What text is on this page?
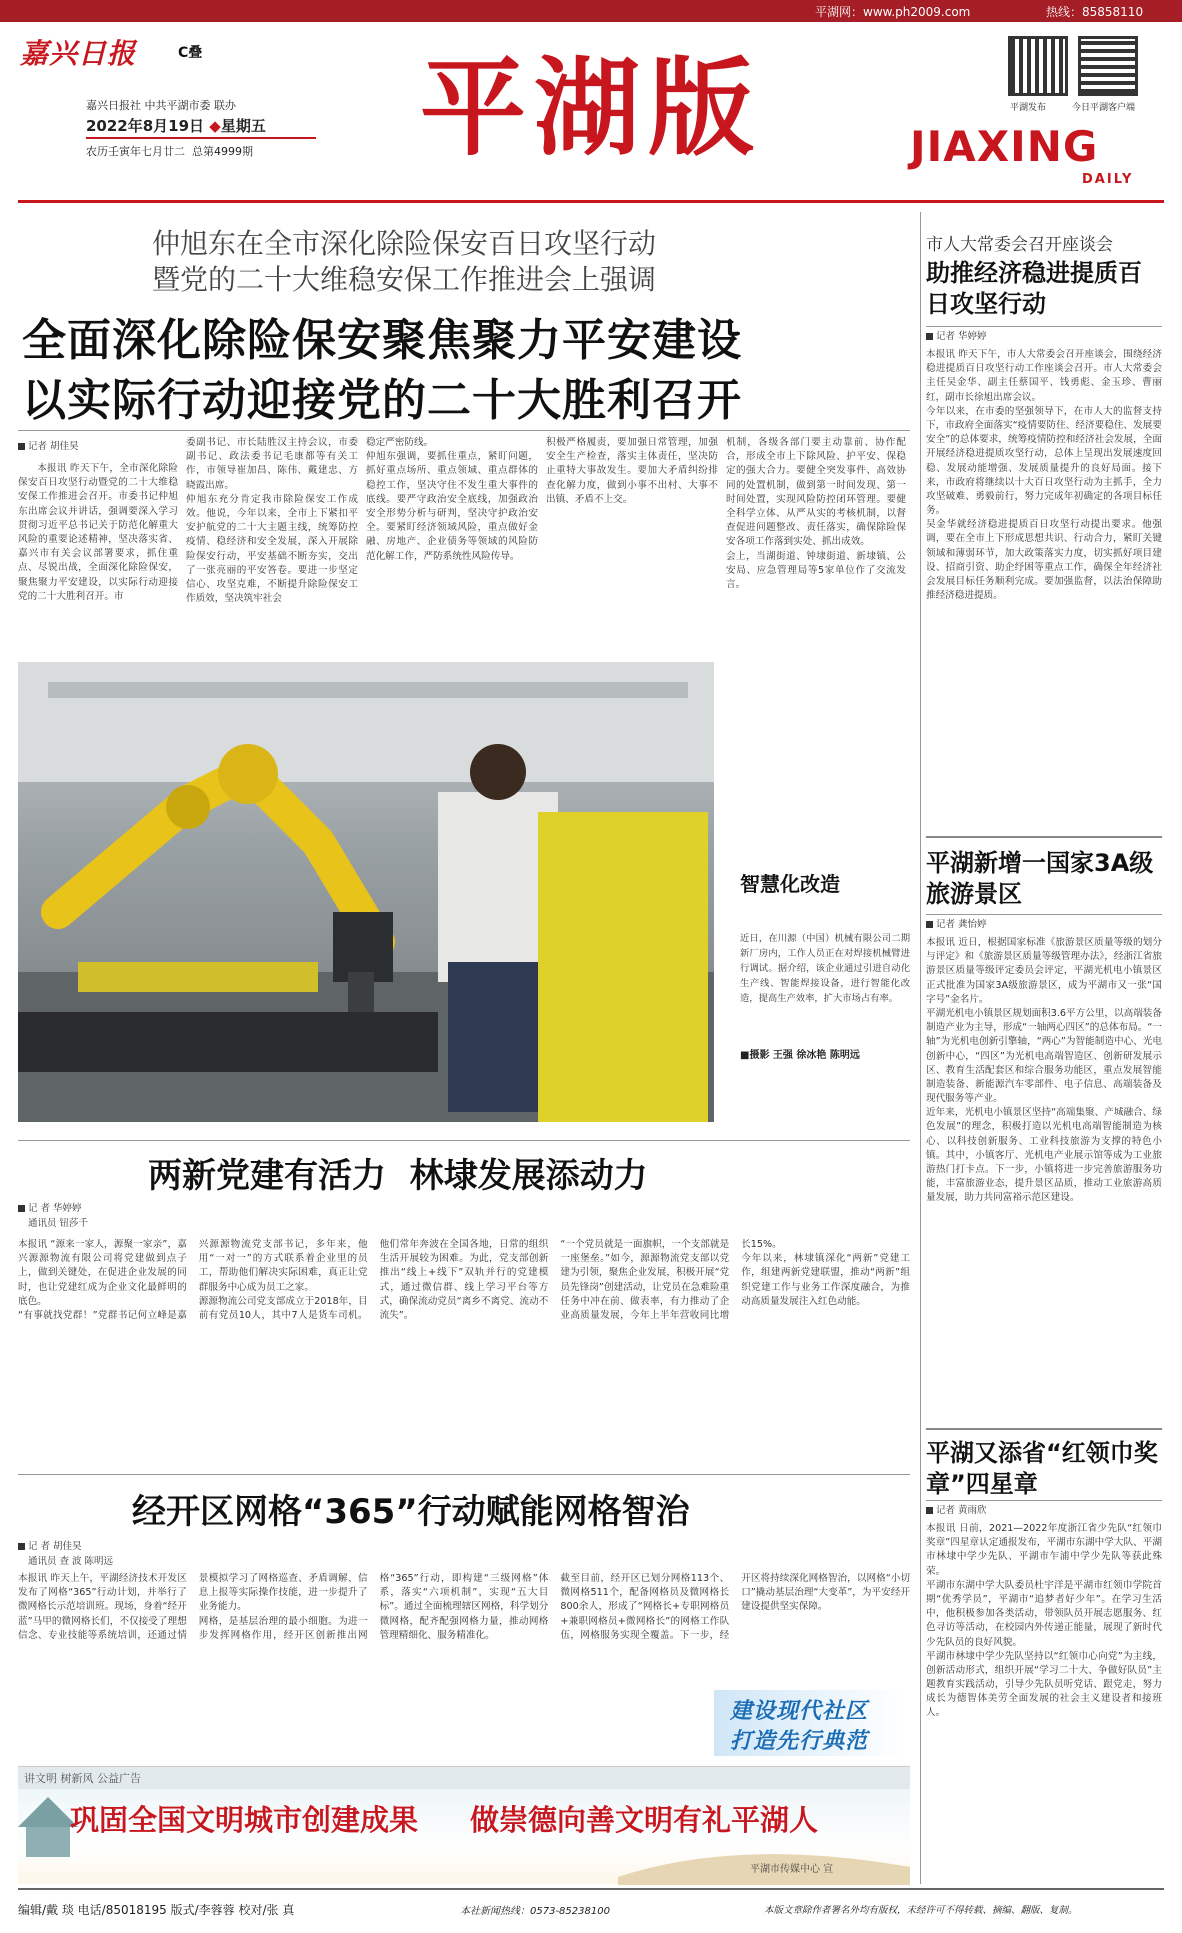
平湖网：www.ph2009.com	热线：85858110
嘉兴日报	C叠
嘉兴日报社 中共平湖市委 联办
2022年8月19日 ◆星期五
农历壬寅年七月廿二 总第4999期 平湖版	平湖发布	今日平湖客户端
JIAXING
DAILY
仲旭东在全市深化除险保安百日攻坚行动
暨党的二十大维稳安保工作推进会上强调
全面深化除险保安聚焦聚力平安建设
以实际行动迎接党的二十大胜利召开
记者 胡佳昊

本报讯 昨天下午，全市深化除险保安百日攻坚行动暨党的二十大维稳安保工作推进会召开。市委书记仲旭东出席会议并讲话，强调要深入学习贯彻习近平总书记关于防范化解重大风险的重要论述精神，坚决落实省、嘉兴市有关会议部署要求，抓住重点、尽锐出战，全面深化除险保安，聚焦聚力平安建设，以实际行动迎接党的二十大胜利召开。市

委副书记、市长陆胜汉主持会议，市委副书记、政法委书记毛康都等有关工作，市领导崔加昌、陈伟、戴建忠、方晓霞出席。
仲旭东充分肯定我市除险保安工作成效。他说，今年以来，全市上下紧扣平安护航党的二十大主题主线，统筹防控疫情、稳经济和安全发展，深入开展除险保安行动，平安基础不断夯实，交出了一张亮丽的平安答卷。要进一步坚定信心、攻坚克难，不断提升除险保安工作质效，坚决筑牢社会
稳定严密防线。
仲旭东强调，要抓住重点，紧盯问题，抓好重点场所、重点领域、重点群体的稳控工作，坚决守住不发生重大事件的底线。要严守政治安全底线，加强政治安全形势分析与研判，坚决守护政治安全。要紧盯经济领域风险，重点做好金融、房地产、企业债务等领域的风险防范化解工作，严防系统性风险传导。
积极严格履责，要加强日常管理，加强安全生产检查，落实主体责任，坚决防止重特大事故发生。要加大矛盾纠纷排查化解力度，做到小事不出村、大事不出镇、矛盾不上交。
机制，各级各部门要主动靠前、协作配合，形成全市上下除风险、护平安、保稳定的强大合力。要健全突发事件、高效协同的处置机制，做到第一时间发现、第一时间处置，实现风险防控闭环管理。要健全科学立体、从严从实的考核机制，以督查促进问题整改、责任落实，确保除险保安各项工作落到实处、抓出成效。
会上，当湖街道、钟埭街道、新埭镇、公安局、应急管理局等5家单位作了交流发言。
智慧化改造
近日，在川源（中国）机械有限公司二期新厂房内，工作人员正在对焊接机械臂进行调试。据介绍，该企业通过引进自动化生产线、智能焊接设备，进行智能化改造，提高生产效率，扩大市场占有率。
■摄影 王强 徐冰艳 陈明远
市人大常委会召开座谈会
助推经济稳进提质百日攻坚行动
记者 华婷婷
本报讯 昨天下午，市人大常委会召开座谈会，围绕经济稳进提质百日攻坚行动工作座谈会召开。市人大常委会主任吴金华、副主任蔡国平、钱勇彪、金玉珍、曹丽红，副市长徐旭出席会议。
今年以来，在市委的坚强领导下，在市人大的监督支持下，市政府全面落实“疫情要防住、经济要稳住、发展要安全”的总体要求，统筹疫情防控和经济社会发展，全面开展经济稳进提质攻坚行动，总体上呈现出发展速度回稳、发展动能增强、发展质量提升的良好局面。接下来，市政府将继续以十大百日攻坚行动为主抓手，全力攻坚破难、勇毅前行，努力完成年初确定的各项目标任务。
吴金华就经济稳进提质百日攻坚行动提出要求。他强调，要在全市上下形成思想共识、行动合力，紧盯关键领域和薄弱环节，加大政策落实力度，切实抓好项目建设、招商引资、助企纾困等重点工作，确保全年经济社会发展目标任务顺利完成。要加强监督，以法治保障助推经济稳进提质。
平湖新增一国家3A级旅游景区
记者 龚怡婷
本报讯 近日，根据国家标准《旅游景区质量等级的划分与评定》和《旅游景区质量等级管理办法》，经浙江省旅游景区质量等级评定委员会评定，平湖光机电小镇景区正式批准为国家3A级旅游景区，成为平湖市又一张“国字号”金名片。
平湖光机电小镇景区规划面积3.6平方公里，以高端装备制造产业为主导，形成“一轴两心四区”的总体布局。“一轴”为光机电创新引擎轴，“两心”为智能制造中心、光电创新中心，“四区”为光机电高端智造区、创新研发展示区、教育生活配套区和综合服务功能区，重点发展智能制造装备、新能源汽车零部件、电子信息、高端装备及现代服务等产业。
近年来，光机电小镇景区坚持“高端集聚、产城融合、绿色发展”的理念，积极打造以光机电高端智能制造为核心、以科技创新服务、工业科技旅游为支撑的特色小镇。其中，小镇客厅、光机电产业展示馆等成为工业旅游热门打卡点。下一步，小镇将进一步完善旅游服务功能，丰富旅游业态，提升景区品质，推动工业旅游高质量发展，助力共同富裕示范区建设。
平湖又添省“红领巾奖章”四星章
记者 黄雨欣
本报讯 日前，2021—2022年度浙江省少先队“红领巾奖章”四星章认定通报发布，平湖市东湖中学大队、平湖市林埭中学少先队、平湖市乍浦中学少先队等获此殊荣。
平湖市东湖中学大队委员杜宇洋是平湖市红领巾学院首期“优秀学员”，平湖市“追梦者好少年”。在学习生活中，他积极参加各类活动，带领队员开展志愿服务、红色寻访等活动，在校园内外传递正能量，展现了新时代少先队员的良好风貌。
平湖市林埭中学少先队坚持以“红领巾心向党”为主线，创新活动形式，组织开展“学习二十大、争做好队员”主题教育实践活动，引导少先队员听党话、跟党走，努力成长为德智体美劳全面发展的社会主义建设者和接班人。
两新党建有活力  林埭发展添动力
记 者 华婷婷
通讯员 钮莎千
本报讯 “源来一家人，源聚一家亲”，嘉兴源源物流有限公司将党建做到点子上，做到关键处，在促进企业发展的同时，也让党建红成为企业文化最鲜明的底色。
“有事就找党群！”党群书记何立峰是嘉兴源源物流党支部书记，多年来，他用“一对一”的方式联系着企业里的员工，帮助他们解决实际困难，真正让党群服务中心成为员工之家。
源源物流公司党支部成立于2018年，目前有党员10人，其中7人是货车司机。他们常年奔波在全国各地，日常的组织生活开展较为困难。为此，党支部创新推出“线上+线下”双轨并行的党建模式，通过微信群、线上学习平台等方式，确保流动党员“离乡不离党、流动不流失”。
“一个党员就是一面旗帜，一个支部就是一座堡垒。”如今，源源物流党支部以党建为引领，聚焦企业发展，积极开展“党员先锋岗”创建活动，让党员在急难险重任务中冲在前、做表率，有力推动了企业高质量发展，今年上半年营收同比增长15%。
今年以来，林埭镇深化“两新”党建工作，组建两新党建联盟，推动“两新”组织党建工作与业务工作深度融合，为推动高质量发展注入红色动能。
经开区网格“365”行动赋能网格智治
记 者 胡佳昊
通讯员 查 波 陈明远
本报讯 昨天上午，平湖经济技术开发区发布了网格“365”行动计划，并举行了微网格长示范培训班。现场，身着“经开蓝”马甲的微网格长们，不仅接受了理想信念、专业技能等系统培训，还通过情景模拟学习了网格巡查、矛盾调解、信息上报等实际操作技能，进一步提升了业务能力。
网格，是基层治理的最小细胞。为进一步发挥网格作用，经开区创新推出网格“365”行动，即构建“三级网格”体系，落实“六项机制”，实现“五大目标”。通过全面梳理辖区网格，科学划分微网格，配齐配强网格力量，推动网格管理精细化、服务精准化。
截至目前，经开区已划分网格113个、微网格511个，配备网格员及微网格长800余人，形成了“网格长+专职网格员+兼职网格员+微网格长”的网格工作队伍，网格服务实现全覆盖。下一步，经开区将持续深化网格智治，以网格“小切口”撬动基层治理“大变革”，为平安经开建设提供坚实保障。
建设现代社区
打造先行典范
讲文明 树新风 公益广告
巩固全国文明城市创建成果 做崇德向善文明有礼平湖人
平湖市传媒中心 宣
编辑/戴 琰 电话/85018195 版式/李蓉蓉 校对/张 真	本社新闻热线：0573-85238100	本版文章除作者署名外均有版权，未经许可不得转载、摘编、翻版、复制。
